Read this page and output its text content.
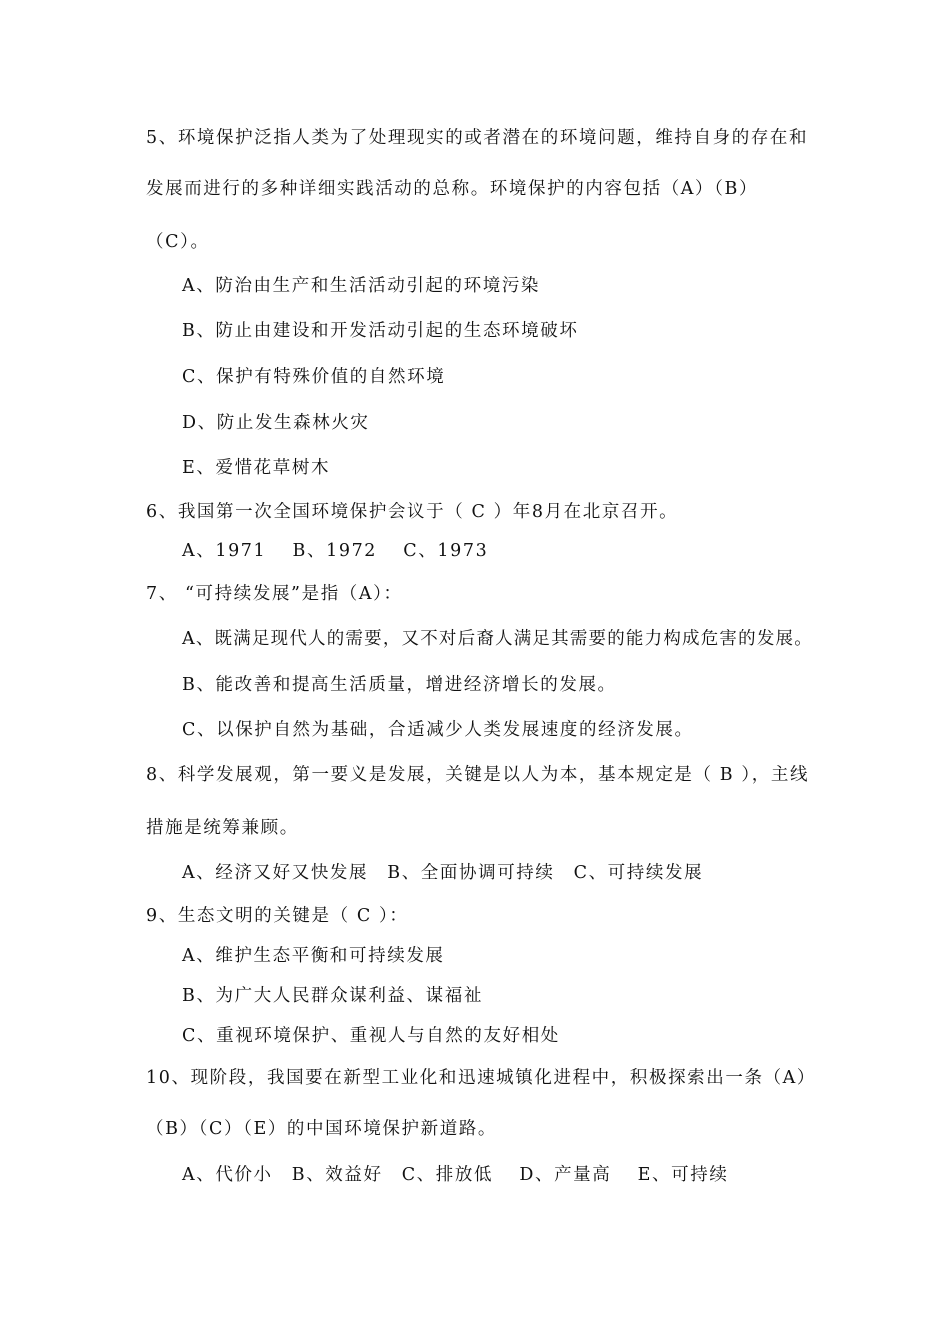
5、环境保护泛指人类为了处理现实的或者潜在的环境问题，维持自身的存在和
发展而进行的多种详细实践活动的总称。环境保护的内容包括（A）（B）
（C）。
A、防治由生产和生活活动引起的环境污染
B、防止由建设和开发活动引起的生态环境破坏
C、保护有特殊价值的自然环境
D、防止发生森林火灾
E、爱惜花草树木
6、我国第一次全国环境保护会议于（ C ）年8月在北京召开。
A、1971　 B、1972　 C、1973
7、 “可持续发展”是指（A）：
A、既满足现代人的需要，又不对后裔人满足其需要的能力构成危害的发展。
B、能改善和提高生活质量，增进经济增长的发展。
C、以保护自然为基础，合适减少人类发展速度的经济发展。
8、科学发展观，第一要义是发展，关键是以人为本，基本规定是（ B ），主线
措施是统筹兼顾。
A、经济又好又快发展　B、全面协调可持续　C、可持续发展
9、生态文明的关键是（ C ）：
A、维护生态平衡和可持续发展
B、为广大人民群众谋利益、谋福祉
C、重视环境保护、重视人与自然的友好相处
10、现阶段，我国要在新型工业化和迅速城镇化进程中，积极探索出一条（A）
（B）（C）（E）的中国环境保护新道路。
A、代价小　B、效益好　C、排放低　 D、产量高　 E、可持续
